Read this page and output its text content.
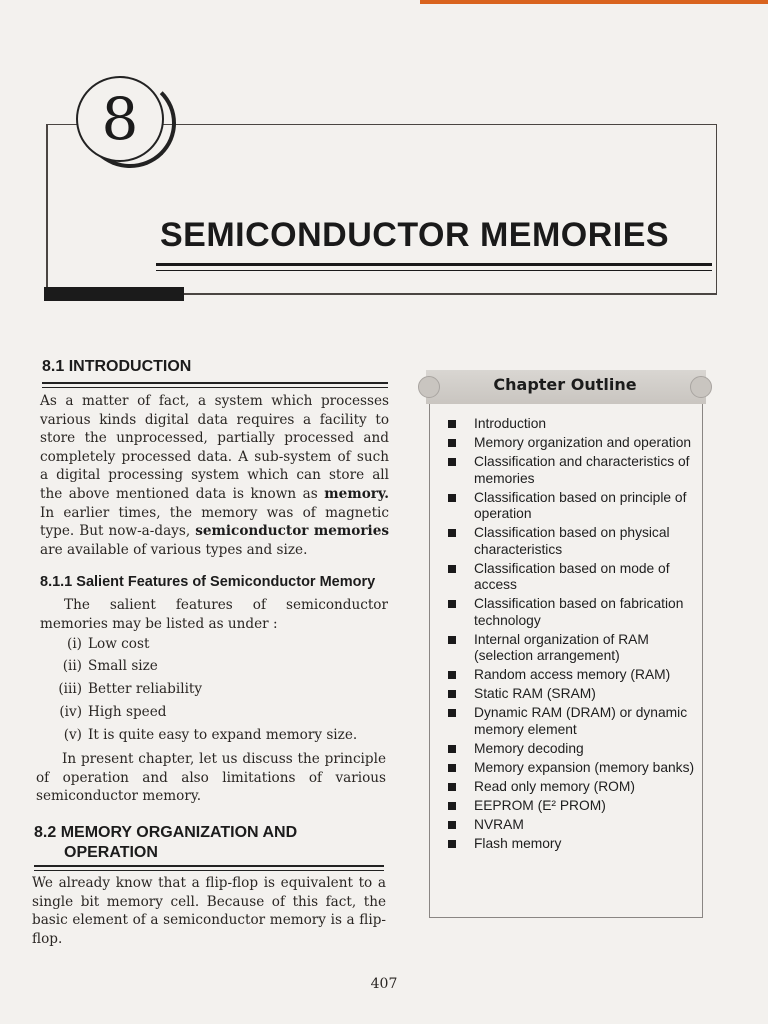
8
SEMICONDUCTOR MEMORIES
8.1 INTRODUCTION
As a matter of fact, a system which processes various kinds digital data requires a facility to store the unprocessed, partially processed and completely processed data. A sub-system of such a digital processing system which can store all the above mentioned data is known as memory. In earlier times, the memory was of magnetic type. But now-a-days, semiconductor memories are available of various types and size.
8.1.1 Salient Features of Semiconductor Memory
The salient features of semiconductor memories may be listed as under :
(i) Low cost
(ii) Small size
(iii) Better reliability
(iv) High speed
(v) It is quite easy to expand memory size.
In present chapter, let us discuss the principle of operation and also limitations of various semiconductor memory.
8.2 MEMORY ORGANIZATION AND
OPERATION
We already know that a flip-flop is equivalent to a single bit memory cell. Because of this fact, the basic element of a semiconductor memory is a flip-flop.
Chapter Outline
Introduction
Memory organization and operation
Classification and characteristics of memories
Classification based on principle of operation
Classification based on physical characteristics
Classification based on mode of access
Classification based on fabrication technology
Internal organization of RAM (selection arrangement)
Random access memory (RAM)
Static RAM (SRAM)
Dynamic RAM (DRAM) or dynamic memory element
Memory decoding
Memory expansion (memory banks)
Read only memory (ROM)
EEPROM (E² PROM)
NVRAM
Flash memory
407
